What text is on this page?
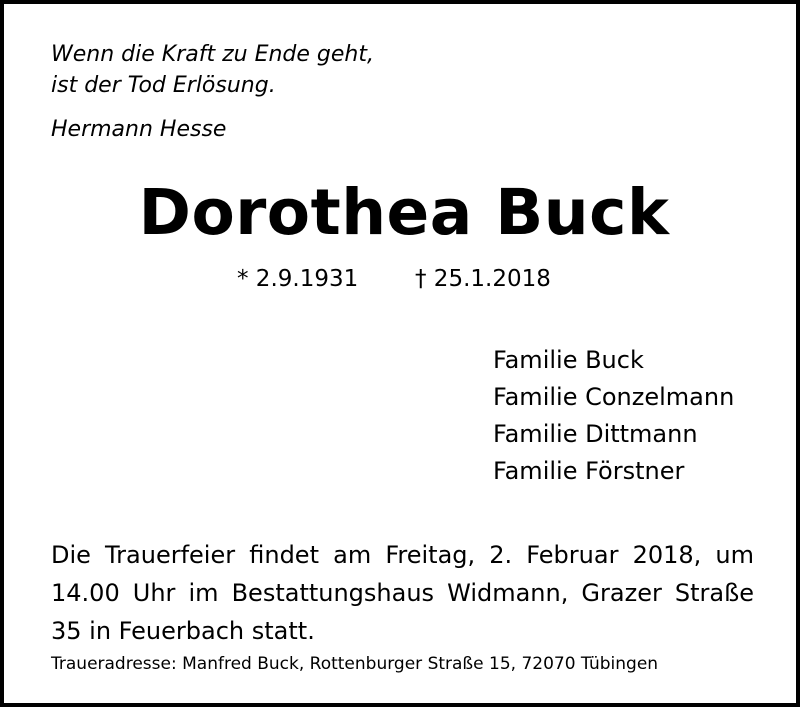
Wenn die Kraft zu Ende geht,
ist der Tod Erlösung.
Hermann Hesse
Dorothea Buck
* 2.9.1931 † 25.1.2018
Familie Buck
Familie Conzelmann
Familie Dittmann
Familie Förstner
Die Trauerfeier findet am Freitag, 2. Februar 2018, um 14.00 Uhr im Bestattungshaus Widmann, Grazer Straße 35 in Feuerbach statt.
Traueradresse: Manfred Buck, Rottenburger Straße 15, 72070 Tübingen
